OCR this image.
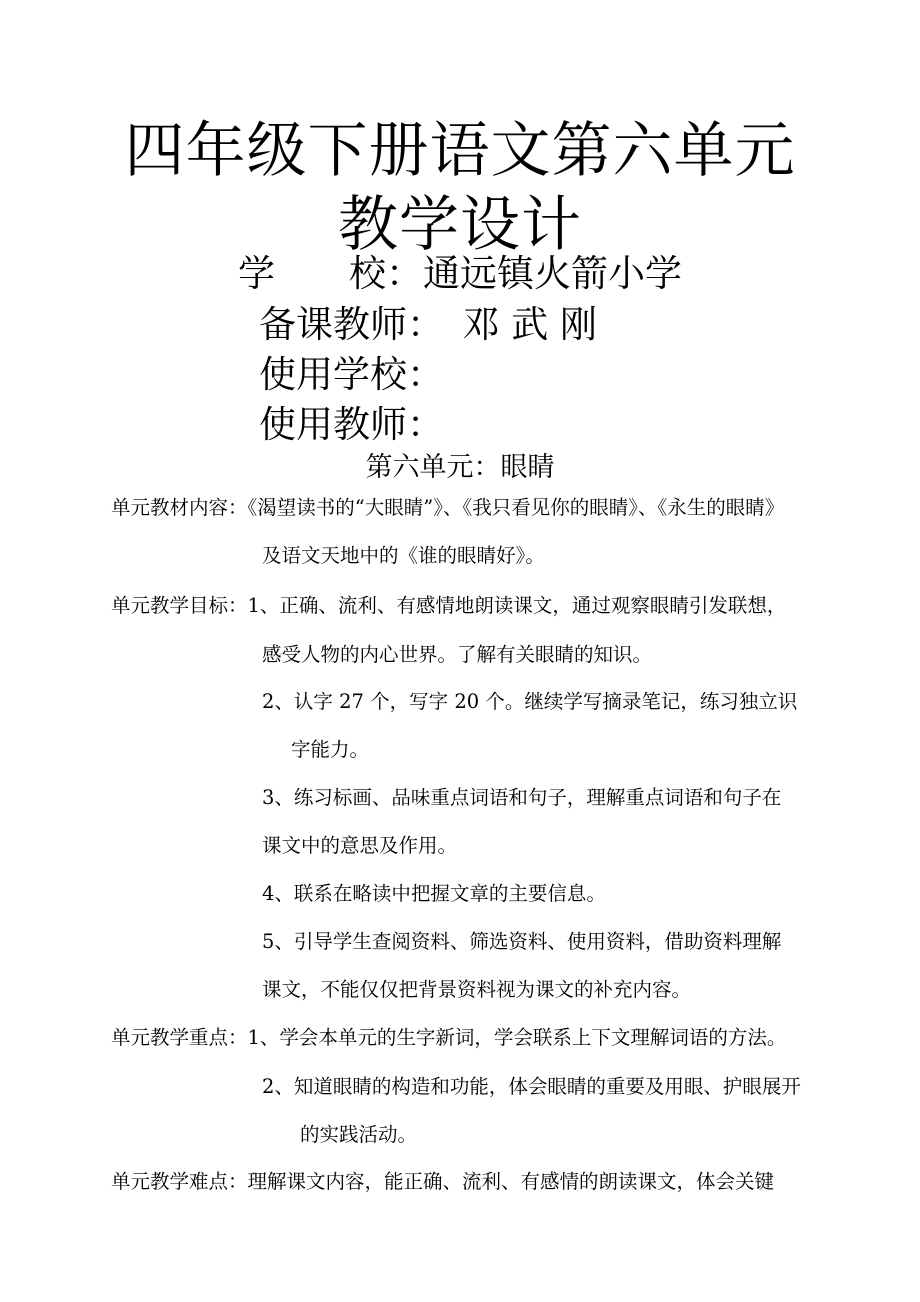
四年级下册语文第六单元
教学设计
学　　校：通远镇火箭小学
备课教师：　邓 武 刚
使用学校：
使用教师：
第六单元：眼睛
单元教材内容：《渴望读书的“大眼睛”》、《我只看见你的眼睛》、《永生的眼睛》
及语文天地中的《谁的眼睛好》。
单元教学目标：1、正确、流利、有感情地朗读课文，通过观察眼睛引发联想，
感受人物的内心世界。了解有关眼睛的知识。
2、认字 27 个，写字 20 个。继续学写摘录笔记，练习独立识
字能力。
3、练习标画、品味重点词语和句子，理解重点词语和句子在
课文中的意思及作用。
4、联系在略读中把握文章的主要信息。
5、引导学生查阅资料、筛选资料、使用资料，借助资料理解
课文，不能仅仅把背景资料视为课文的补充内容。
单元教学重点：1、学会本单元的生字新词，学会联系上下文理解词语的方法。
2、知道眼睛的构造和功能，体会眼睛的重要及用眼、护眼展开
的实践活动。
单元教学难点：理解课文内容，能正确、流利、有感情的朗读课文，体会关键
